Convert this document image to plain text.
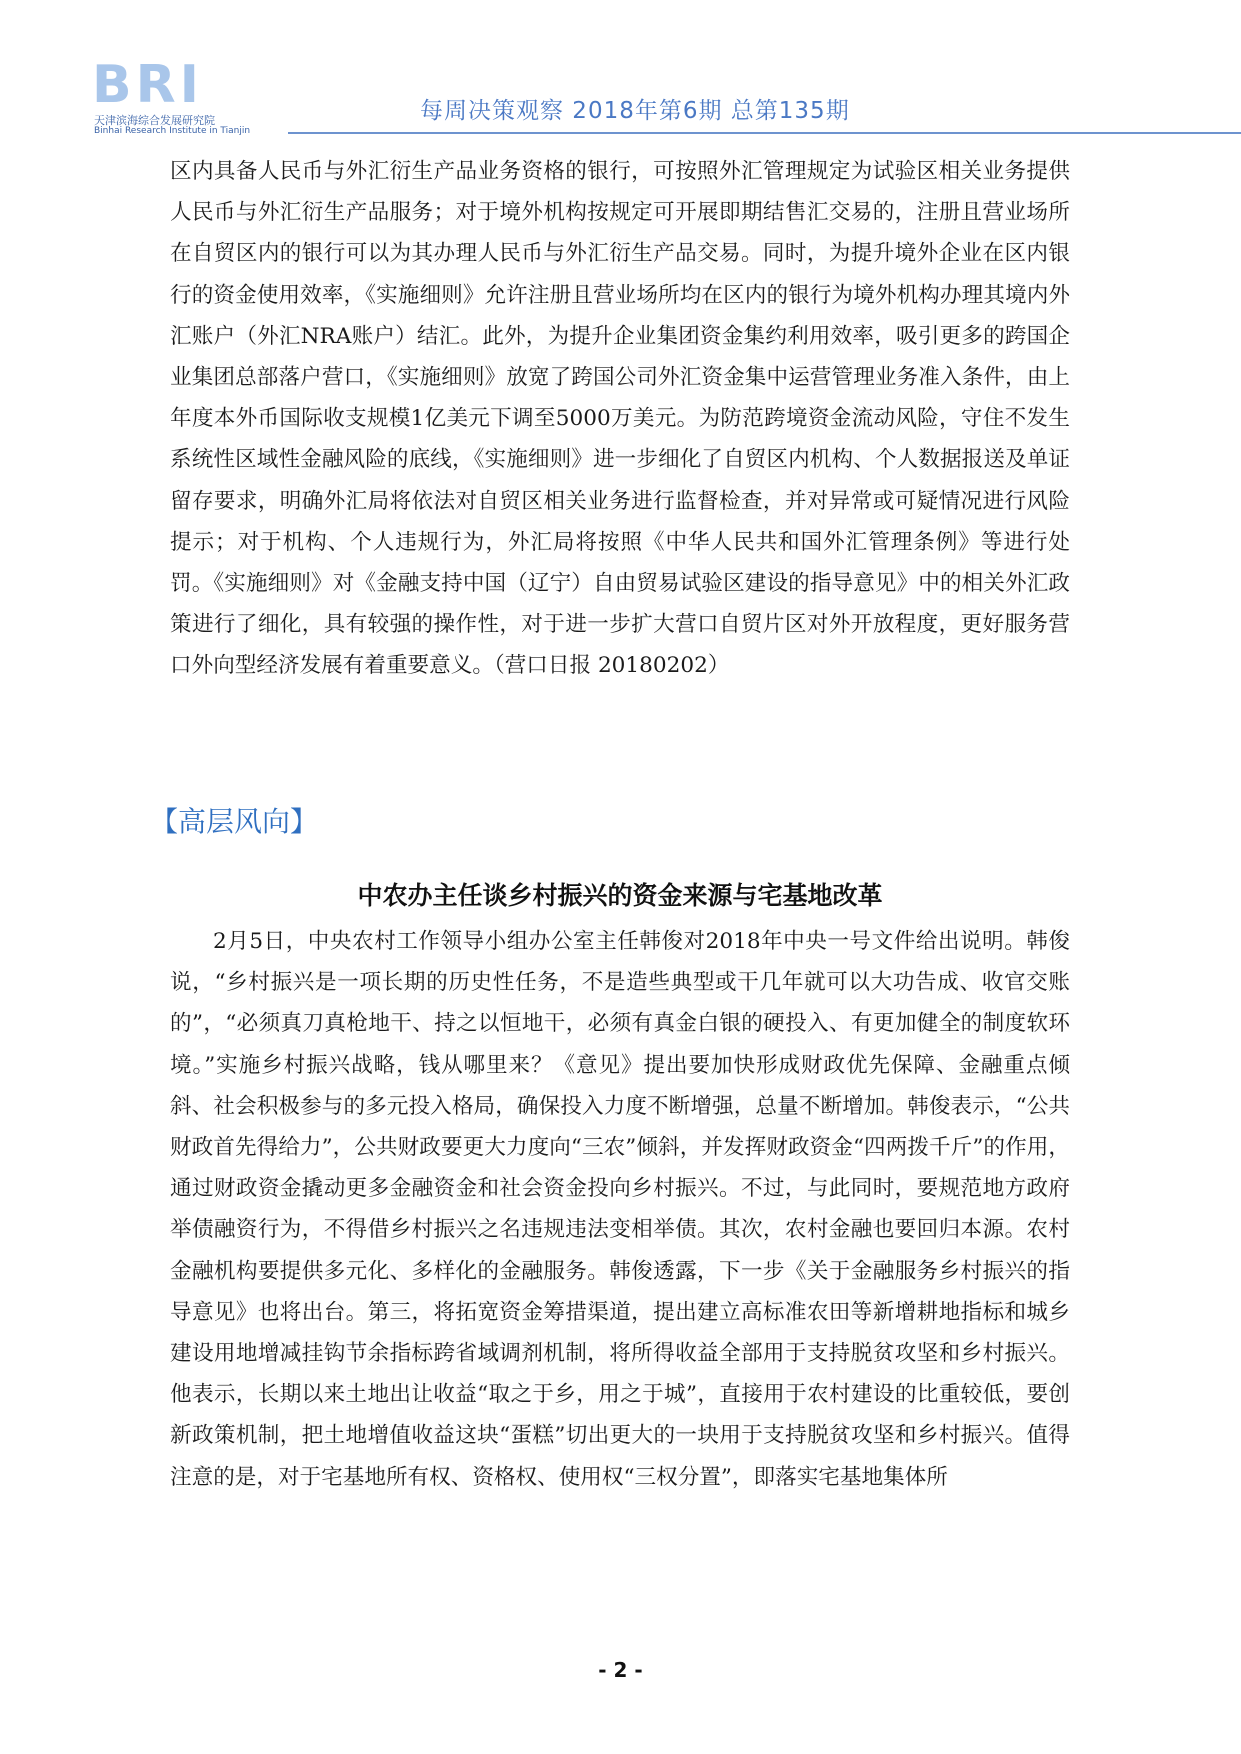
BRI
天津滨海综合发展研究院
Binhai Research Institute in Tianjin
每周决策观察 2018年第6期 总第135期

区内具备人民币与外汇衍生产品业务资格的银行，可按照外汇管理规定为试验区相关业务提供人民币与外汇衍生产品服务；对于境外机构按规定可开展即期结售汇交易的，注册且营业场所在自贸区内的银行可以为其办理人民币与外汇衍生产品交易。同时，为提升境外企业在区内银行的资金使用效率，《实施细则》允许注册且营业场所均在区内的银行为境外机构办理其境内外汇账户（外汇NRA账户）结汇。此外，为提升企业集团资金集约利用效率，吸引更多的跨国企业集团总部落户营口，《实施细则》放宽了跨国公司外汇资金集中运营管理业务准入条件，由上年度本外币国际收支规模1亿美元下调至5000万美元。为防范跨境资金流动风险，守住不发生系统性区域性金融风险的底线，《实施细则》进一步细化了自贸区内机构、个人数据报送及单证留存要求，明确外汇局将依法对自贸区相关业务进行监督检查，并对异常或可疑情况进行风险提示；对于机构、个人违规行为，外汇局将按照《中华人民共和国外汇管理条例》等进行处罚。《实施细则》对《金融支持中国（辽宁）自由贸易试验区建设的指导意见》中的相关外汇政策进行了细化，具有较强的操作性，对于进一步扩大营口自贸片区对外开放程度，更好服务营口外向型经济发展有着重要意义。（营口日报 20180202）

【高层风向】
中农办主任谈乡村振兴的资金来源与宅基地改革

2月5日，中央农村工作领导小组办公室主任韩俊对2018年中央一号文件给出说明。韩俊说，“乡村振兴是一项长期的历史性任务，不是造些典型或干几年就可以大功告成、收官交账的”，“必须真刀真枪地干、持之以恒地干，必须有真金白银的硬投入、有更加健全的制度软环境。”实施乡村振兴战略，钱从哪里来？《意见》提出要加快形成财政优先保障、金融重点倾斜、社会积极参与的多元投入格局，确保投入力度不断增强，总量不断增加。韩俊表示，“公共财政首先得给力”，公共财政要更大力度向“三农”倾斜，并发挥财政资金“四两拨千斤”的作用，通过财政资金撬动更多金融资金和社会资金投向乡村振兴。不过，与此同时，要规范地方政府举债融资行为，不得借乡村振兴之名违规违法变相举债。其次，农村金融也要回归本源。农村金融机构要提供多元化、多样化的金融服务。韩俊透露，下一步《关于金融服务乡村振兴的指导意见》也将出台。第三，将拓宽资金筹措渠道，提出建立高标准农田等新增耕地指标和城乡建设用地增减挂钩节余指标跨省域调剂机制，将所得收益全部用于支持脱贫攻坚和乡村振兴。他表示，长期以来土地出让收益“取之于乡，用之于城”，直接用于农村建设的比重较低，要创新政策机制，把土地增值收益这块“蛋糕”切出更大的一块用于支持脱贫攻坚和乡村振兴。值得注意的是，对于宅基地所有权、资格权、使用权“三权分置”，即落实宅基地集体所

- 2 -
